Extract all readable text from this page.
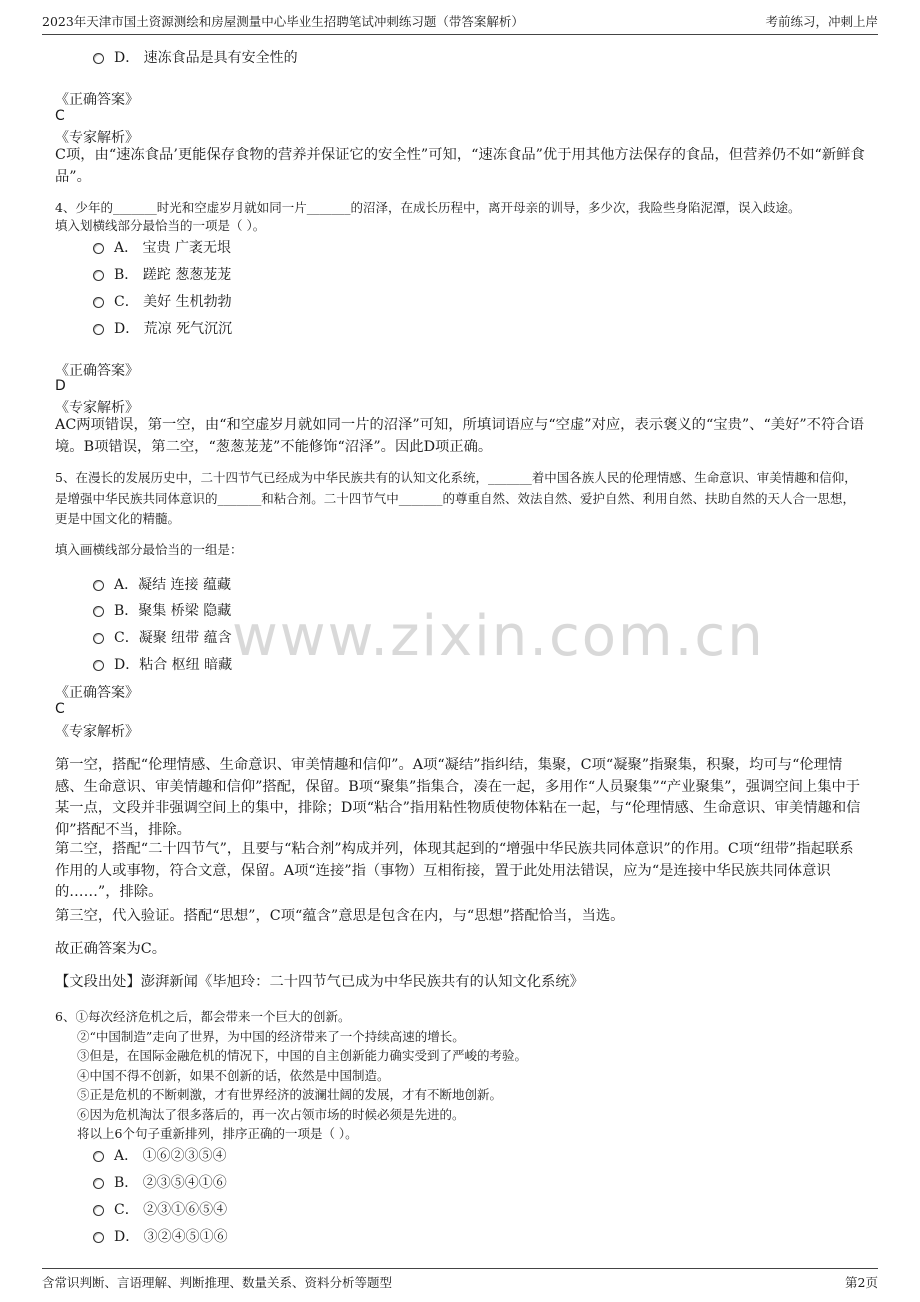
2023年天津市国土资源测绘和房屋测量中心毕业生招聘笔试冲刺练习题（带答案解析）	考前练习，冲刺上岸
www.zixin.com.cn
D． 速冻食品是具有安全性的
《正确答案》
C
《专家解析》
C项，由“速冻食品’更能保存食物的营养并保证它的安全性”可知，“速冻食品”优于用其他方法保存的食品，但营养仍不如“新鲜食品”。
4、少年的_______时光和空虚岁月就如同一片_______的沼泽，在成长历程中，离开母亲的训导，多少次，我险些身陷泥潭，误入歧途。
填入划横线部分最恰当的一项是（ ）。
A． 宝贵 广袤无垠
B． 蹉跎 葱葱茏茏
C． 美好 生机勃勃
D． 荒凉 死气沉沉
《正确答案》
D
《专家解析》
AC两项错误，第一空，由“和空虚岁月就如同一片的沼泽”可知，所填词语应与“空虚”对应，表示褒义的“宝贵”、“美好”不符合语境。B项错误，第二空，“葱葱茏茏”不能修饰“沼泽”。因此D项正确。
5、在漫长的发展历史中，二十四节气已经成为中华民族共有的认知文化系统，_______着中国各族人民的伦理情感、生命意识、审美情趣和信仰，是增强中华民族共同体意识的_______和粘合剂。二十四节气中_______的尊重自然、效法自然、爱护自然、利用自然、扶助自然的天人合一思想，更是中国文化的精髓。
填入画横线部分最恰当的一组是：
A．凝结 连接 蕴藏
B．聚集 桥梁 隐藏
C．凝聚 纽带 蕴含
D．粘合 枢纽 暗藏
《正确答案》
C
《专家解析》
第一空，搭配“伦理情感、生命意识、审美情趣和信仰”。A项“凝结”指纠结，集聚，C项“凝聚”指聚集，积聚，均可与“伦理情感、生命意识、审美情趣和信仰”搭配，保留。B项“聚集”指集合，凑在一起，多用作“人员聚集”“产业聚集”，强调空间上集中于某一点，文段并非强调空间上的集中，排除；D项“粘合”指用粘性物质使物体粘在一起，与“伦理情感、生命意识、审美情趣和信仰”搭配不当，排除。
第二空，搭配“二十四节气”，且要与“粘合剂”构成并列，体现其起到的“增强中华民族共同体意识”的作用。C项“纽带”指起联系作用的人或事物，符合文意，保留。A项“连接”指（事物）互相衔接，置于此处用法错误，应为“是连接中华民族共同体意识的……”，排除。
第三空，代入验证。搭配“思想”，C项“蕴含”意思是包含在内，与“思想”搭配恰当，当选。
故正确答案为C。
【文段出处】澎湃新闻《毕旭玲：二十四节气已成为中华民族共有的认知文化系统》
6、①每次经济危机之后，都会带来一个巨大的创新。
②“中国制造”走向了世界，为中国的经济带来了一个持续高速的增长。
③但是，在国际金融危机的情况下，中国的自主创新能力确实受到了严峻的考验。
④中国不得不创新，如果不创新的话，依然是中国制造。
⑤正是危机的不断刺激，才有世界经济的波澜壮阔的发展，才有不断地创新。
⑥因为危机淘汰了很多落后的，再一次占领市场的时候必须是先进的。
将以上6个句子重新排列，排序正确的一项是（ ）。
A． ①⑥②③⑤④
B． ②③⑤④①⑥
C． ②③①⑥⑤④
D． ③②④⑤①⑥
含常识判断、言语理解、判断推理、数量关系、资料分析等题型	第2页
